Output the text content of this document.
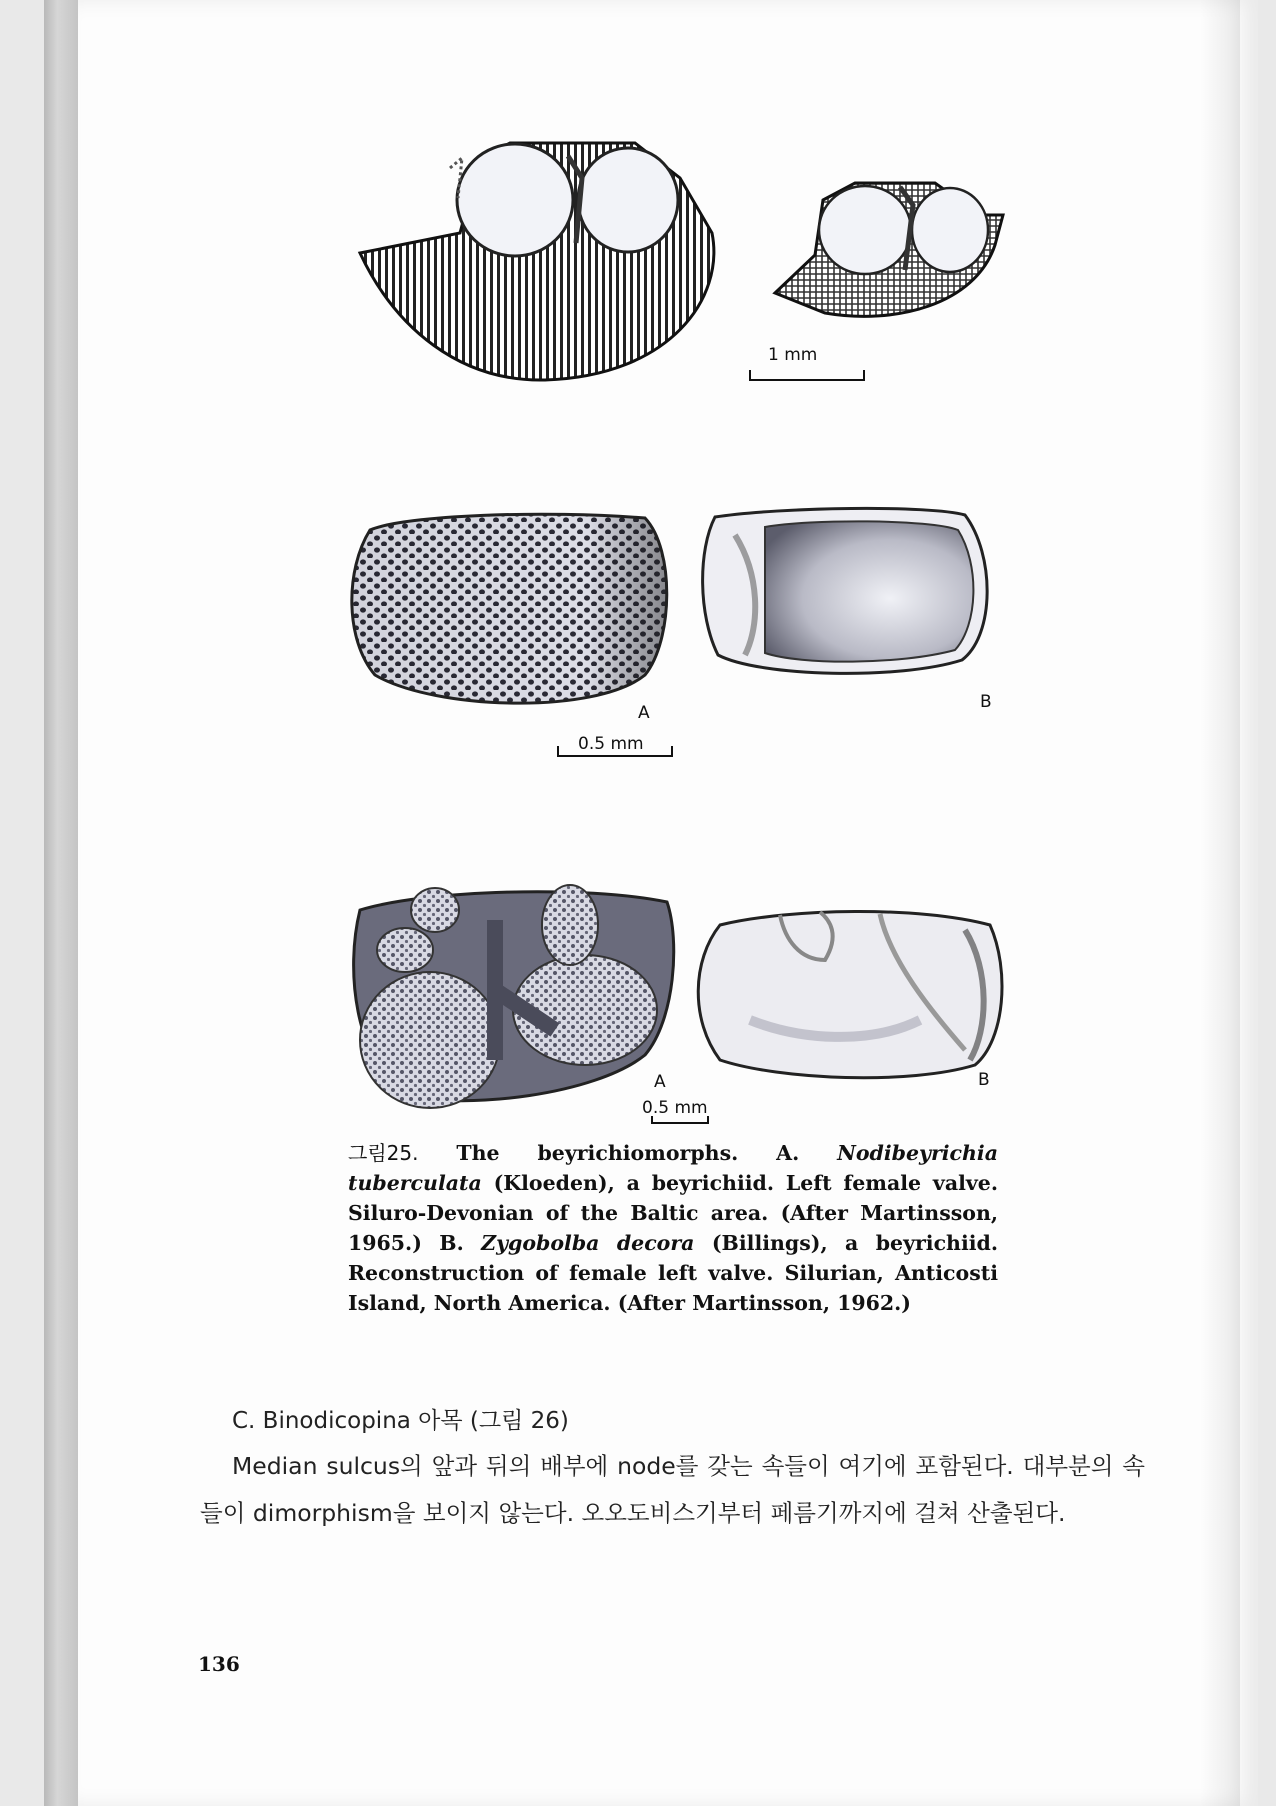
1 mm
A
B
0.5 mm
A	B
0.5 mm
그림25. The beyrichiomorphs. A. Nodibeyrichia tuberculata (Kloeden), a beyrichiid. Left female valve. Siluro-Devonian of the Baltic area. (After Martinsson, 1965.) B. Zygobolba decora (Billings), a beyrichiid. Reconstruction of female left valve. Silurian, Anticosti Island, North America. (After Martinsson, 1962.)
C. Binodicopina 아목 (그림 26)
Median sulcus의 앞과 뒤의 배부에 node를 갖는 속들이 여기에 포함된다. 대부분의 속들이 dimorphism을 보이지 않는다. 오오도비스기부터 페름기까지에 걸쳐 산출된다.
136
